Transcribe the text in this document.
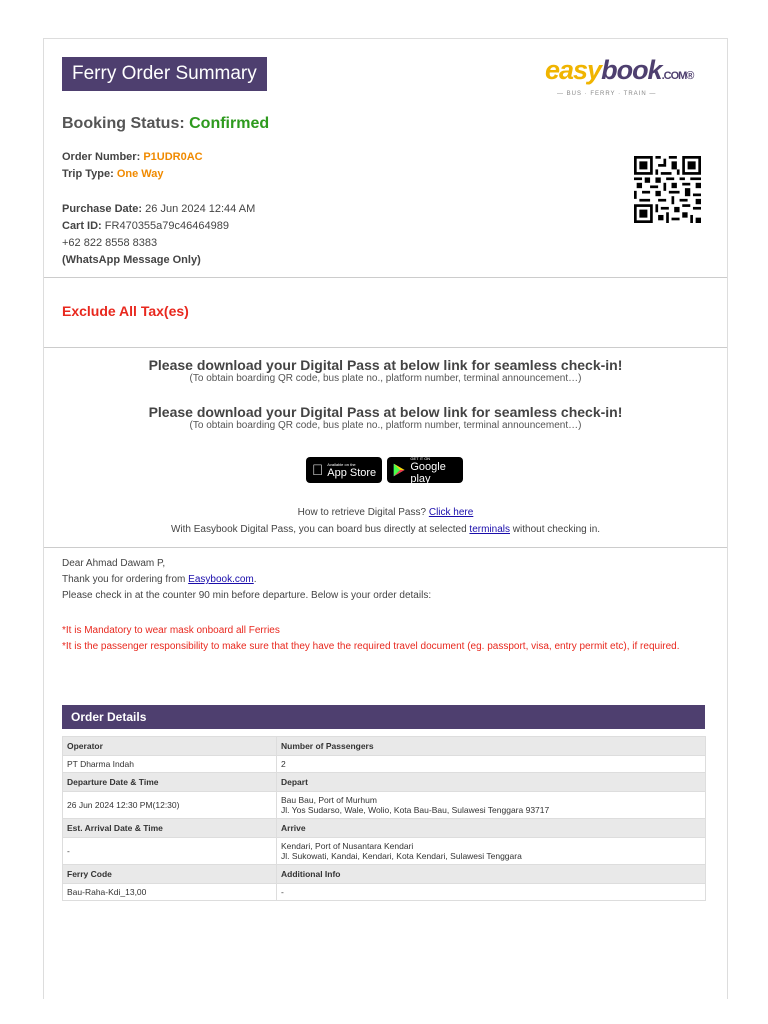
Ferry Order Summary	easybook.COM®
— BUS · FERRY · TRAIN —
Booking Status: Confirmed
Order Number: P1UDR0AC
Trip Type: One Way
Purchase Date: 26 Jun 2024 12:44 AM
Cart ID: FR470355a79c46464989
+62 822 8558 8383
(WhatsApp Message Only)
Exclude All Tax(es)
Please download your Digital Pass at below link for seamless check-in!
(To obtain boarding QR code, bus plate no., platform number, terminal announcement…)
Please download your Digital Pass at below link for seamless check-in!
(To obtain boarding QR code, bus plate no., platform number, terminal announcement…)
Available on the
App Store
GET IT ON
Google play
How to retrieve Digital Pass? Click here
With Easybook Digital Pass, you can board bus directly at selected terminals without checking in.
Dear Ahmad Dawam P,
Thank you for ordering from Easybook.com.
Please check in at the counter 90 min before departure. Below is your order details:
*It is Mandatory to wear mask onboard all Ferries
*It is the passenger responsibility to make sure that they have the required travel document (eg. passport, visa, entry permit etc), if required.
Order Details
Operator	Number of Passengers
PT Dharma Indah	2
Departure Date & Time	Depart
26 Jun 2024 12:30 PM(12:30)	Bau Bau, Port of Murhum
Jl. Yos Sudarso, Wale, Wolio, Kota Bau-Bau, Sulawesi Tenggara 93717

Est. Arrival Date & Time	Arrive
-	Kendari, Port of Nusantara Kendari
Jl. Sukowati, Kandai, Kendari, Kota Kendari, Sulawesi Tenggara

Ferry Code	Additional Info
Bau-Raha-Kdi_13,00	-
